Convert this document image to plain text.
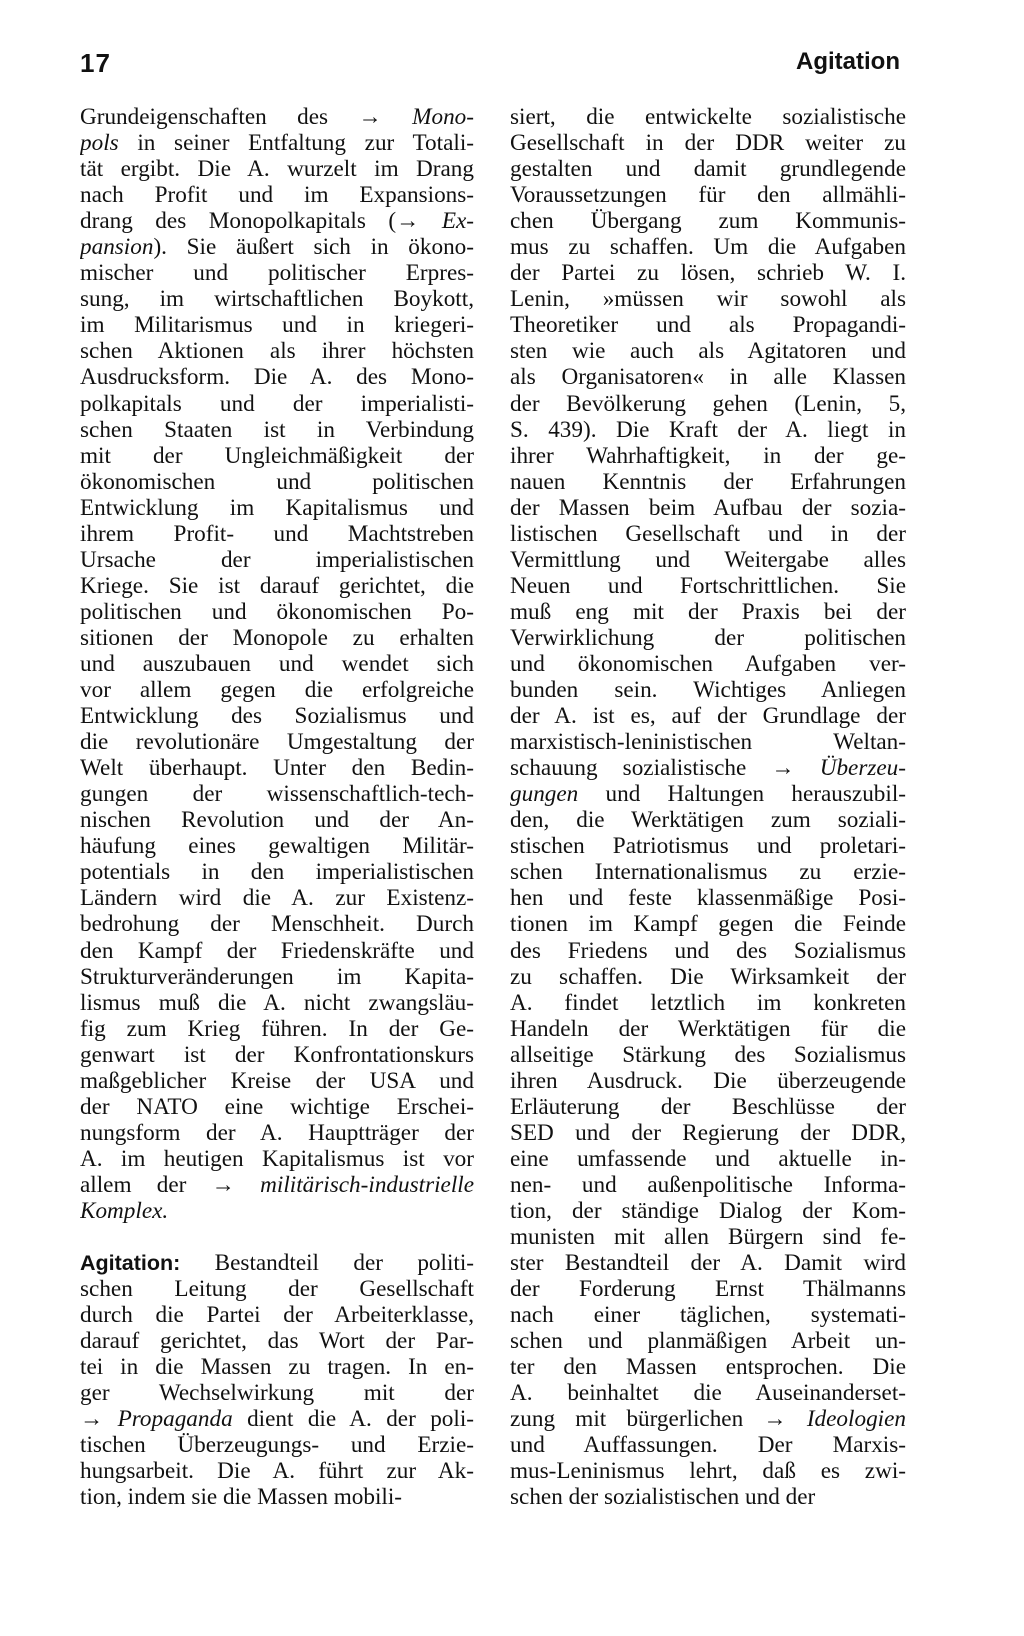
17	Agitation
Grundeigenschaften des → Mono-
pols in seiner Entfaltung zur Totali-
tät ergibt. Die A. wurzelt im Drang
nach Profit und im Expansions-
drang des Monopolkapitals (→ Ex-
pansion). Sie äußert sich in ökono-
mischer und politischer Erpres-
sung, im wirtschaftlichen Boykott,
im Militarismus und in kriegeri-
schen Aktionen als ihrer höchsten
Ausdrucksform. Die A. des Mono-
polkapitals und der imperialisti-
schen Staaten ist in Verbindung
mit der Ungleichmäßigkeit der
ökonomischen und politischen
Entwicklung im Kapitalismus und
ihrem Profit- und Machtstreben
Ursache der imperialistischen
Kriege. Sie ist darauf gerichtet, die
politischen und ökonomischen Po-
sitionen der Monopole zu erhalten
und auszubauen und wendet sich
vor allem gegen die erfolgreiche
Entwicklung des Sozialismus und
die revolutionäre Umgestaltung der
Welt überhaupt. Unter den Bedin-
gungen der wissenschaftlich-tech-
nischen Revolution und der An-
häufung eines gewaltigen Militär-
potentials in den imperialistischen
Ländern wird die A. zur Existenz-
bedrohung der Menschheit. Durch
den Kampf der Friedenskräfte und
Strukturveränderungen im Kapita-
lismus muß die A. nicht zwangsläu-
fig zum Krieg führen. In der Ge-
genwart ist der Konfrontationskurs
maßgeblicher Kreise der USA und
der NATO eine wichtige Erschei-
nungsform der A. Hauptträger der
A. im heutigen Kapitalismus ist vor
allem der → militärisch-industrielle
Komplex.
Agitation: Bestandteil der politi-
schen Leitung der Gesellschaft
durch die Partei der Arbeiterklasse,
darauf gerichtet, das Wort der Par-
tei in die Massen zu tragen. In en-
ger Wechselwirkung mit der
→ Propaganda dient die A. der poli-
tischen Überzeugungs- und Erzie-
hungsarbeit. Die A. führt zur Ak-
tion, indem sie die Massen mobili-
siert, die entwickelte sozialistische
Gesellschaft in der DDR weiter zu
gestalten und damit grundlegende
Voraussetzungen für den allmähli-
chen Übergang zum Kommunis-
mus zu schaffen. Um die Aufgaben
der Partei zu lösen, schrieb W. I.
Lenin, »müssen wir sowohl als
Theoretiker und als Propagandi-
sten wie auch als Agitatoren und
als Organisatoren« in alle Klassen
der Bevölkerung gehen (Lenin, 5,
S. 439). Die Kraft der A. liegt in
ihrer Wahrhaftigkeit, in der ge-
nauen Kenntnis der Erfahrungen
der Massen beim Aufbau der sozia-
listischen Gesellschaft und in der
Vermittlung und Weitergabe alles
Neuen und Fortschrittlichen. Sie
muß eng mit der Praxis bei der
Verwirklichung der politischen
und ökonomischen Aufgaben ver-
bunden sein. Wichtiges Anliegen
der A. ist es, auf der Grundlage der
marxistisch-leninistischen Weltan-
schauung sozialistische → Überzeu-
gungen und Haltungen herauszubil-
den, die Werktätigen zum soziali-
stischen Patriotismus und proletari-
schen Internationalismus zu erzie-
hen und feste klassenmäßige Posi-
tionen im Kampf gegen die Feinde
des Friedens und des Sozialismus
zu schaffen. Die Wirksamkeit der
A. findet letztlich im konkreten
Handeln der Werktätigen für die
allseitige Stärkung des Sozialismus
ihren Ausdruck. Die überzeugende
Erläuterung der Beschlüsse der
SED und der Regierung der DDR,
eine umfassende und aktuelle in-
nen- und außenpolitische Informa-
tion, der ständige Dialog der Kom-
munisten mit allen Bürgern sind fe-
ster Bestandteil der A. Damit wird
der Forderung Ernst Thälmanns
nach einer täglichen, systemati-
schen und planmäßigen Arbeit un-
ter den Massen entsprochen. Die
A. beinhaltet die Auseinanderset-
zung mit bürgerlichen → Ideologien
und Auffassungen. Der Marxis-
mus-Leninismus lehrt, daß es zwi-
schen der sozialistischen und der
